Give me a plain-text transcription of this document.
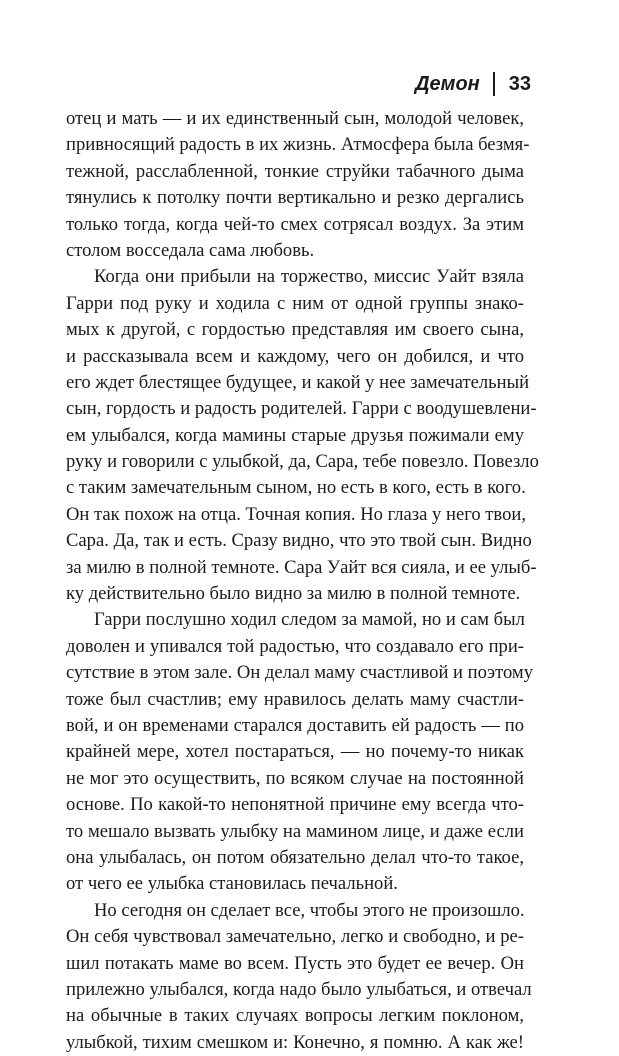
Демон 33
отец и мать — и их единственный сын, молодой человек,
привносящий радость в их жизнь. Атмосфера была безмя-
тежной, расслабленной, тонкие струйки табачного дыма
тянулись к потолку почти вертикально и резко дергались
только тогда, когда чей-то смех сотрясал воздух. За этим
столом восседала сама любовь.
Когда они прибыли на торжество, миссис Уайт взяла
Гарри под руку и ходила с ним от одной группы знако-
мых к другой, с гордостью представляя им своего сына,
и рассказывала всем и каждому, чего он добился, и что
его ждет блестящее будущее, и какой у нее замечательный
сын, гордость и радость родителей. Гарри с воодушевлени-
ем улыбался, когда мамины старые друзья пожимали ему
руку и говорили с улыбкой, да, Сара, тебе повезло. Повезло
с таким замечательным сыном, но есть в кого, есть в кого.
Он так похож на отца. Точная копия. Но глаза у него твои,
Сара. Да, так и есть. Сразу видно, что это твой сын. Видно
за милю в полной темноте. Сара Уайт вся сияла, и ее улыб-
ку действительно было видно за милю в полной темноте.
Гарри послушно ходил следом за мамой, но и сам был
доволен и упивался той радостью, что создавало его при-
сутствие в этом зале. Он делал маму счастливой и поэтому
тоже был счастлив; ему нравилось делать маму счастли-
вой, и он временами старался доставить ей радость — по
крайней мере, хотел постараться, — но почему-то никак
не мог это осуществить, по всяком случае на постоянной
основе. По какой-то непонятной причине ему всегда что-
то мешало вызвать улыбку на мамином лице, и даже если
она улыбалась, он потом обязательно делал что-то такое,
от чего ее улыбка становилась печальной.
Но сегодня он сделает все, чтобы этого не произошло.
Он себя чувствовал замечательно, легко и свободно, и ре-
шил потакать маме во всем. Пусть это будет ее вечер. Он
прилежно улыбался, когда надо было улыбаться, и отвечал
на обычные в таких случаях вопросы легким поклоном,
улыбкой, тихим смешком и: Конечно, я помню. А как же!
